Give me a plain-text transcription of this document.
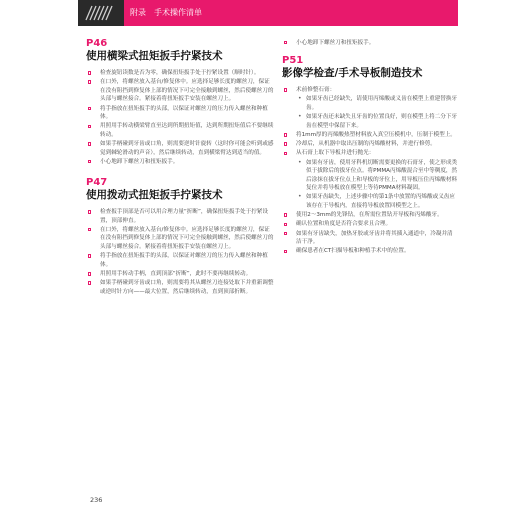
附录　手术操作清单
P46
使用横梁式扭矩扳手拧紧技术
检查旋钮读数是否为零，确保扭矩扳手处于拧紧设置（顺时针）。
在口外，将螺丝放入基台/修复体中。应选择足够长度的螺丝刀，保证在没有阻挡到修复体上部的情况下可完全接触到螺丝，然后使螺丝刀的头部与螺丝接合。紧接着将扭矩扳手安装在螺丝刀上。
将手指放在扭矩扳手的头部，以保证对螺丝刀的压力传入螺丝和种植体。
用照用手转动横梁臂直至达到所期扭矩值，达到所期扭矩值后不要继续转动。
如果手柄碰到牙齿或口角，则需要逆时针旋转（这时你可能会听到或感觉到棘轮滑动的声音），然后继续转动，直到横梁臂达到适当的值。
小心地卸下螺丝刀和扭矩扳手。
P47
使用拨动式扭矩扳手拧紧技术
检查扳手顶部是否可以用合理力量“折断”，确保扭矩扳手处于拧紧设置，顶部伸直。
在口外，将螺丝放入基台/修复体中。应选择足够长度的螺丝刀，保证在没有阻挡到修复体上部的情况下可完全接触到螺丝，然后使螺丝刀的头部与螺丝接合。紧接着将扭矩扳手安装在螺丝刀上。
将手指放在扭矩扳手的头部，以保证对螺丝刀的压力传入螺丝和种植体。
用照用手转动手柄，直到顶部“折断”，此时不要再继续转动。
如果手柄碰到牙齿或口角，则需要将其从螺丝刀连接处取下并重新调整或逆时针方向——最大位置，然后继续转动，直到顶部折断。
小心地卸下螺丝刀和扭矩扳手。
P51
影像学检查/手术导板制造技术
术前修整石膏：
• 如果牙齿已经缺失，请使用丙烯酸或义齿在模型上重建替换牙齿。
• 如果牙齿还未缺失且牙齿的位置良好，则在模型上将二分下牙齿在模型中保留下来。
将1mm厚的丙烯酸热塑材料放入真空压模机中，压制于模型上。
冷却后，从机器中取出压制的丙烯酸材料，并进行修剪。
从石膏上取下导板并进行抛光：
• 如果有牙齿，使用牙科机切断需要更换的石膏牙，使之形成类似于拔除后的拔牙位点。将PMMA丙烯酸混合至中等稠度，然后涂抹在拔牙位点上和导板的牙位上，用导板压住丙烯酸材料复位并将导板放在模型上等待PMMA材料凝固。
• 如果牙齿缺失，上述步骤中的第1条中放置的丙烯酸或义齿应该存在于导板内，直接将导板放置回模型之上。
使用2～3mm的先锋钻，在所需位置钻开导板和丙烯酸牙。
确认位置和角度是否符合要求且合理。
如果有牙齿缺失，加热牙胶或牙齿并将其插入通道中，冷凝并清洁干净。
确保患者在CT扫描导板和种植手术中的位置。
236
